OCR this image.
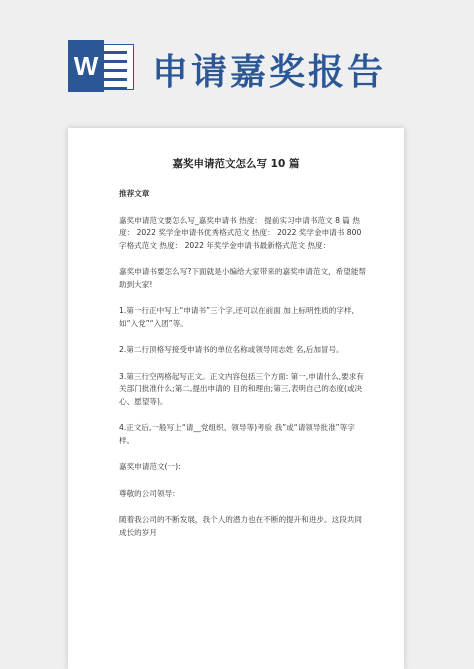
W 申请嘉奖报告
嘉奖申请范文怎么写 10 篇

推荐文章

嘉奖申请范文要怎么写_嘉奖申请书 热度： 提前实习申请书范文 8 篇 热度： 2022 奖学金申请书优秀格式范文 热度： 2022 奖学金申请书 800 字格式范文 热度： 2022 年奖学金申请书最新格式范文 热度：

嘉奖申请书要怎么写?下面就是小编给大家带来的嘉奖申请范文，希望能帮助到大家!

1.第一行正中写上“申请书”三个字,还可以在前面 加上标明性质的字样,如“入党”“入团”等。

2.第二行顶格写接受申请书的单位名称或领导同志姓 名,后加冒号。

3.第三行空两格起写正文。正文内容包括三个方面: 第一,申请什么,要求有关部门批准什么;第二,提出申请的 目的和理由;第三,表明自己的态度(或决心、愿望等)。

4.正文后,一般写上“请__党组织、领导等)考验 我”或“请领导批准”等字样。

嘉奖申请范文(一):

尊敬的公司领导：

随着我公司的不断发展，我个人的潜力也在不断的提升和进步。这段共同成长的岁月
